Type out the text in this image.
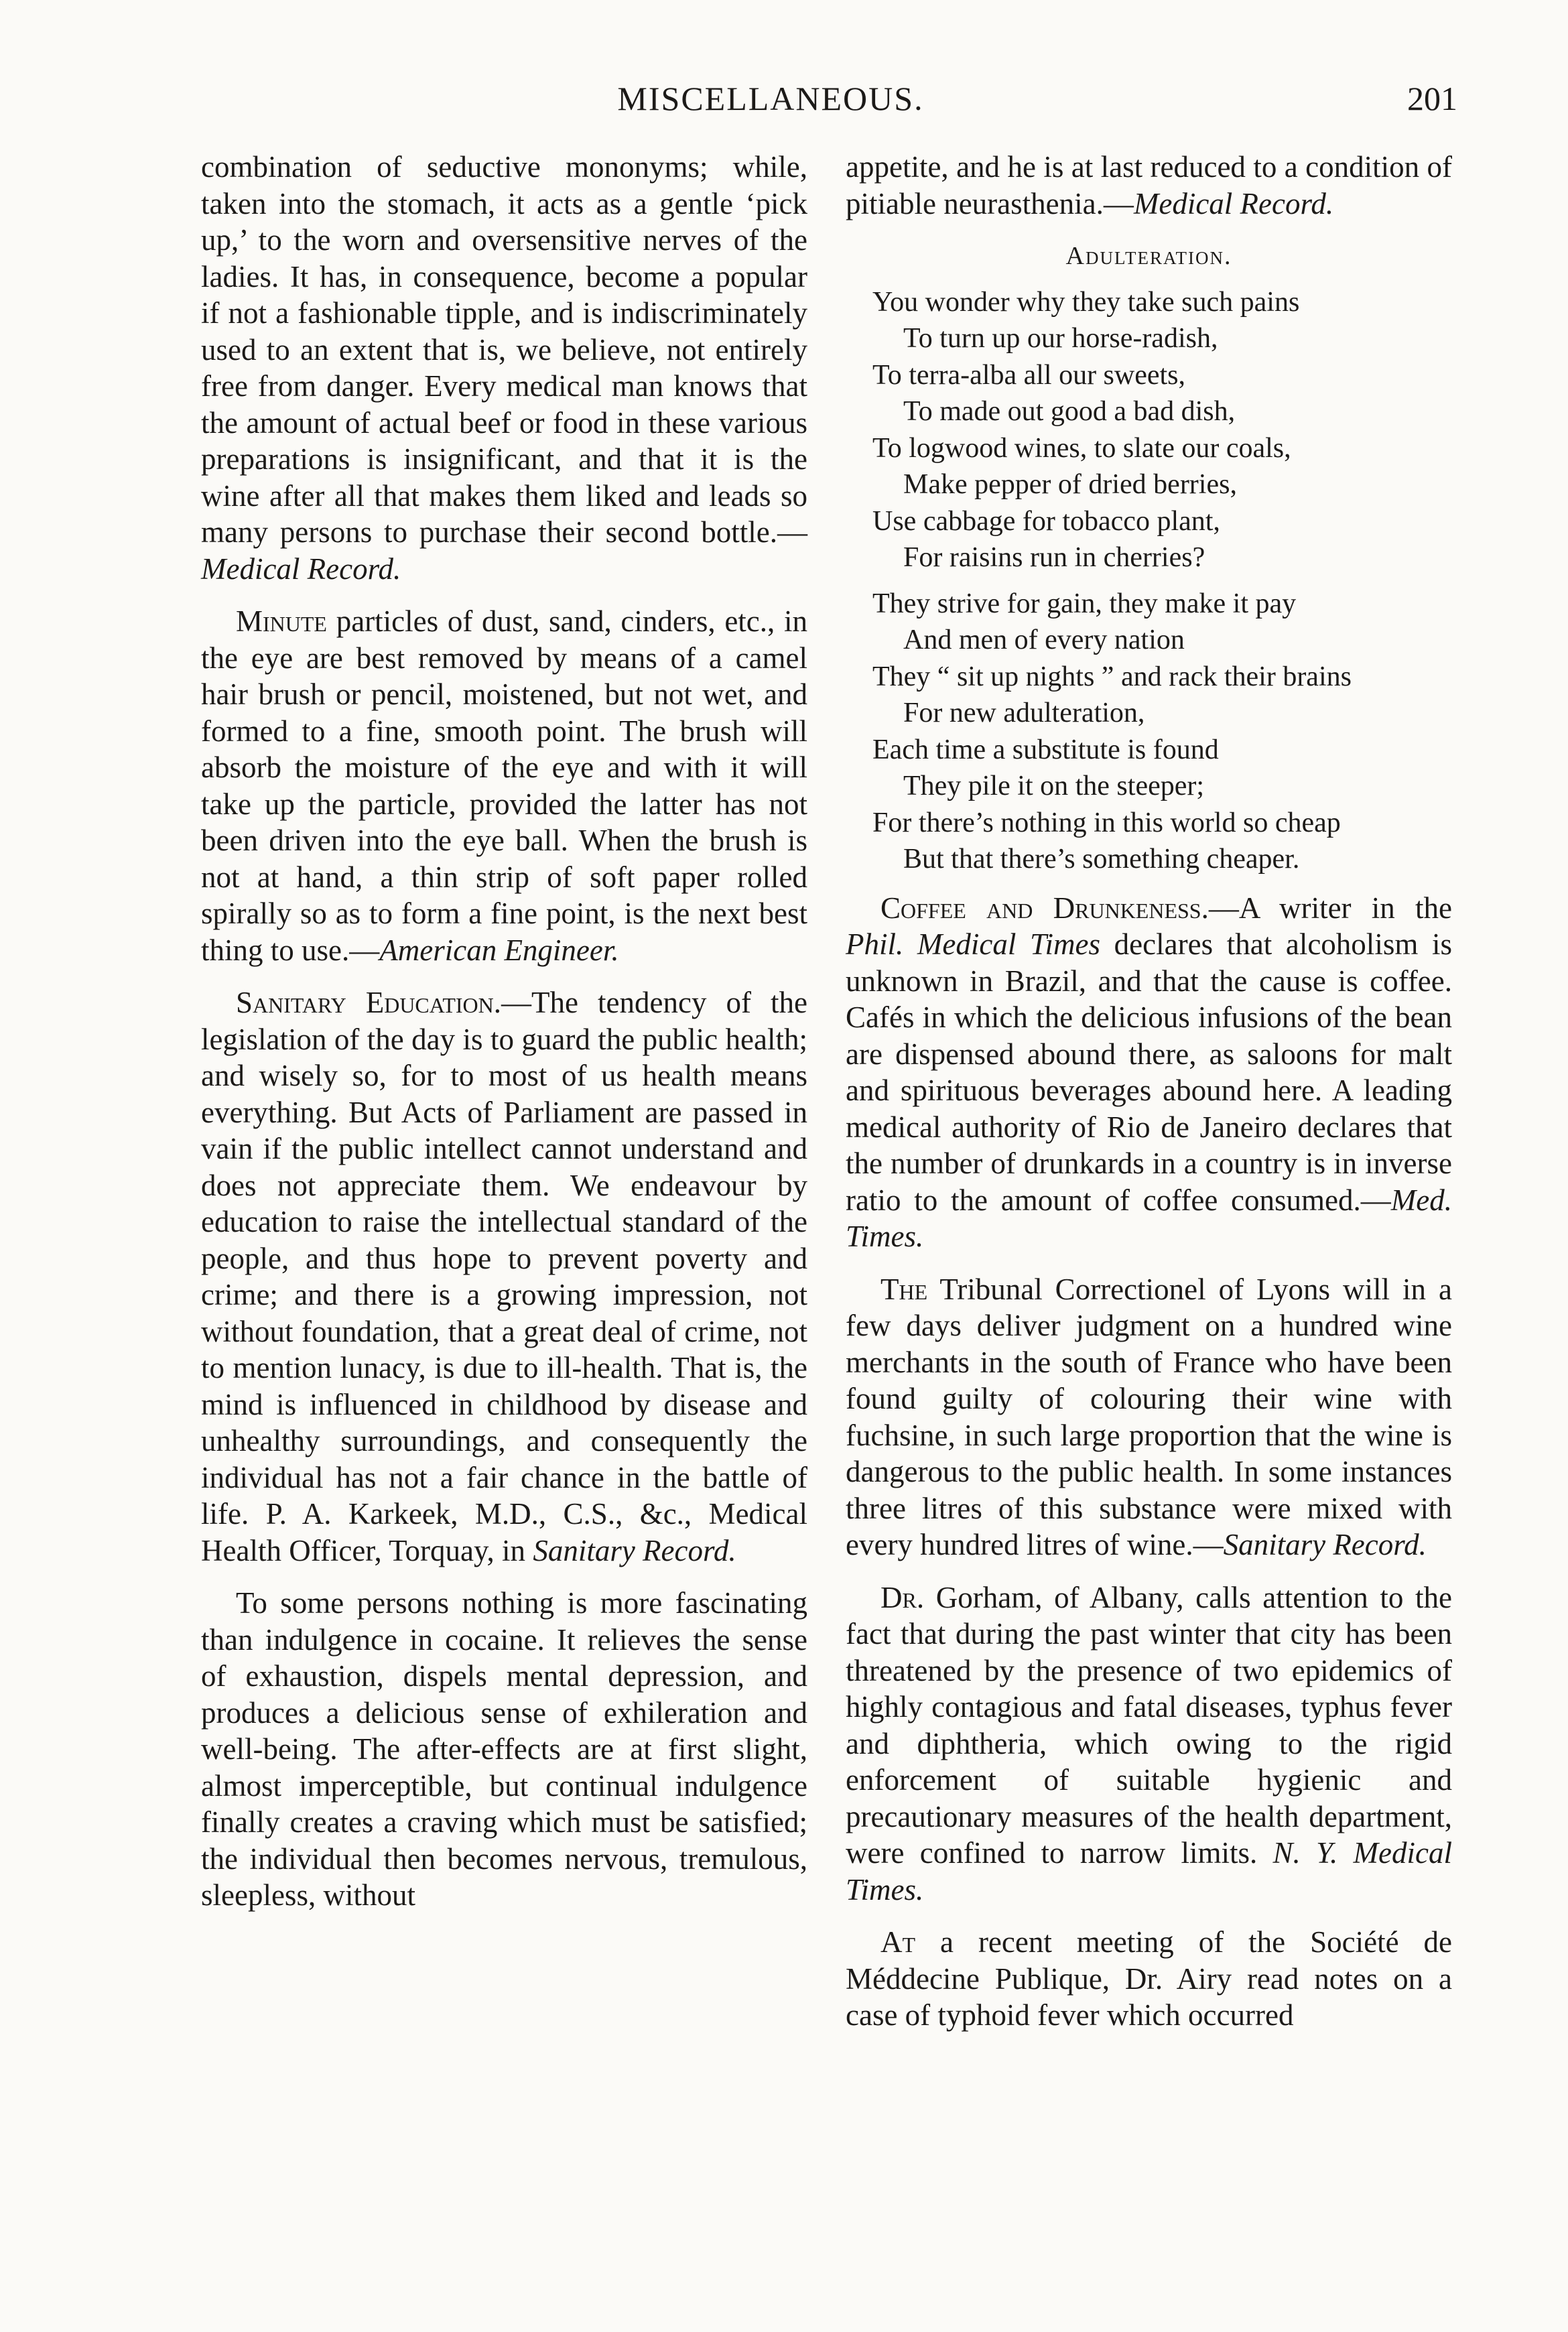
MISCELLANEOUS.	201

combination of seductive mononyms; while, taken into the stomach, it acts as a gentle ‘pick up,’ to the worn and oversensitive nerves of the ladies. It has, in consequence, become a popular if not a fashionable tipple, and is indiscriminately used to an extent that is, we believe, not entirely free from danger. Every medical man knows that the amount of actual beef or food in these various preparations is insignificant, and that it is the wine after all that makes them liked and leads so many persons to purchase their second bottle.—Medical Record.

Minute particles of dust, sand, cinders, etc., in the eye are best removed by means of a camel hair brush or pencil, moistened, but not wet, and formed to a fine, smooth point. The brush will absorb the moisture of the eye and with it will take up the particle, provided the latter has not been driven into the eye ball. When the brush is not at hand, a thin strip of soft paper rolled spirally so as to form a fine point, is the next best thing to use.—American Engineer.

Sanitary Education.—The tendency of the legislation of the day is to guard the public health; and wisely so, for to most of us health means everything. But Acts of Parliament are passed in vain if the public intellect cannot understand and does not appreciate them. We endeavour by education to raise the intellectual standard of the people, and thus hope to prevent poverty and crime; and there is a growing impression, not without foundation, that a great deal of crime, not to mention lunacy, is due to ill-health. That is, the mind is influenced in childhood by disease and unhealthy surroundings, and consequently the individual has not a fair chance in the battle of life. P. A. Karkeek, M.D., C.S., &c., Medical Health Officer, Torquay, in Sanitary Record.

To some persons nothing is more fascinating than indulgence in cocaine. It relieves the sense of exhaustion, dispels mental depression, and produces a delicious sense of exhileration and well-being. The after-effects are at first slight, almost imperceptible, but continual indulgence finally creates a craving which must be satisfied; the individual then becomes nervous, tremulous, sleepless, without

appetite, and he is at last reduced to a condition of pitiable neurasthenia.—Medical Record.

Adulteration.
You wonder why they take such pains
To turn up our horse-radish,
To terra-alba all our sweets,
To made out good a bad dish,
To logwood wines, to slate our coals,
Make pepper of dried berries,
Use cabbage for tobacco plant,
For raisins run in cherries?
They strive for gain, they make it pay
And men of every nation
They “ sit up nights ” and rack their brains
For new adulteration,
Each time a substitute is found
They pile it on the steeper;
For there’s nothing in this world so cheap
But that there’s something cheaper.

Coffee and Drunkeness.—A writer in the Phil. Medical Times declares that alcoholism is unknown in Brazil, and that the cause is coffee. Cafés in which the delicious infusions of the bean are dispensed abound there, as saloons for malt and spirituous beverages abound here. A leading medical authority of Rio de Janeiro declares that the number of drunkards in a country is in inverse ratio to the amount of coffee consumed.—Med. Times.

The Tribunal Correctionel of Lyons will in a few days deliver judgment on a hundred wine merchants in the south of France who have been found guilty of colouring their wine with fuchsine, in such large proportion that the wine is dangerous to the public health. In some instances three litres of this substance were mixed with every hundred litres of wine.—Sanitary Record.

Dr. Gorham, of Albany, calls attention to the fact that during the past winter that city has been threatened by the presence of two epidemics of highly contagious and fatal diseases, typhus fever and diphtheria, which owing to the rigid enforcement of suitable hygienic and precautionary measures of the health department, were confined to narrow limits. N. Y. Medical Times.

At a recent meeting of the Société de Méddecine Publique, Dr. Airy read notes on a case of typhoid fever which occurred
